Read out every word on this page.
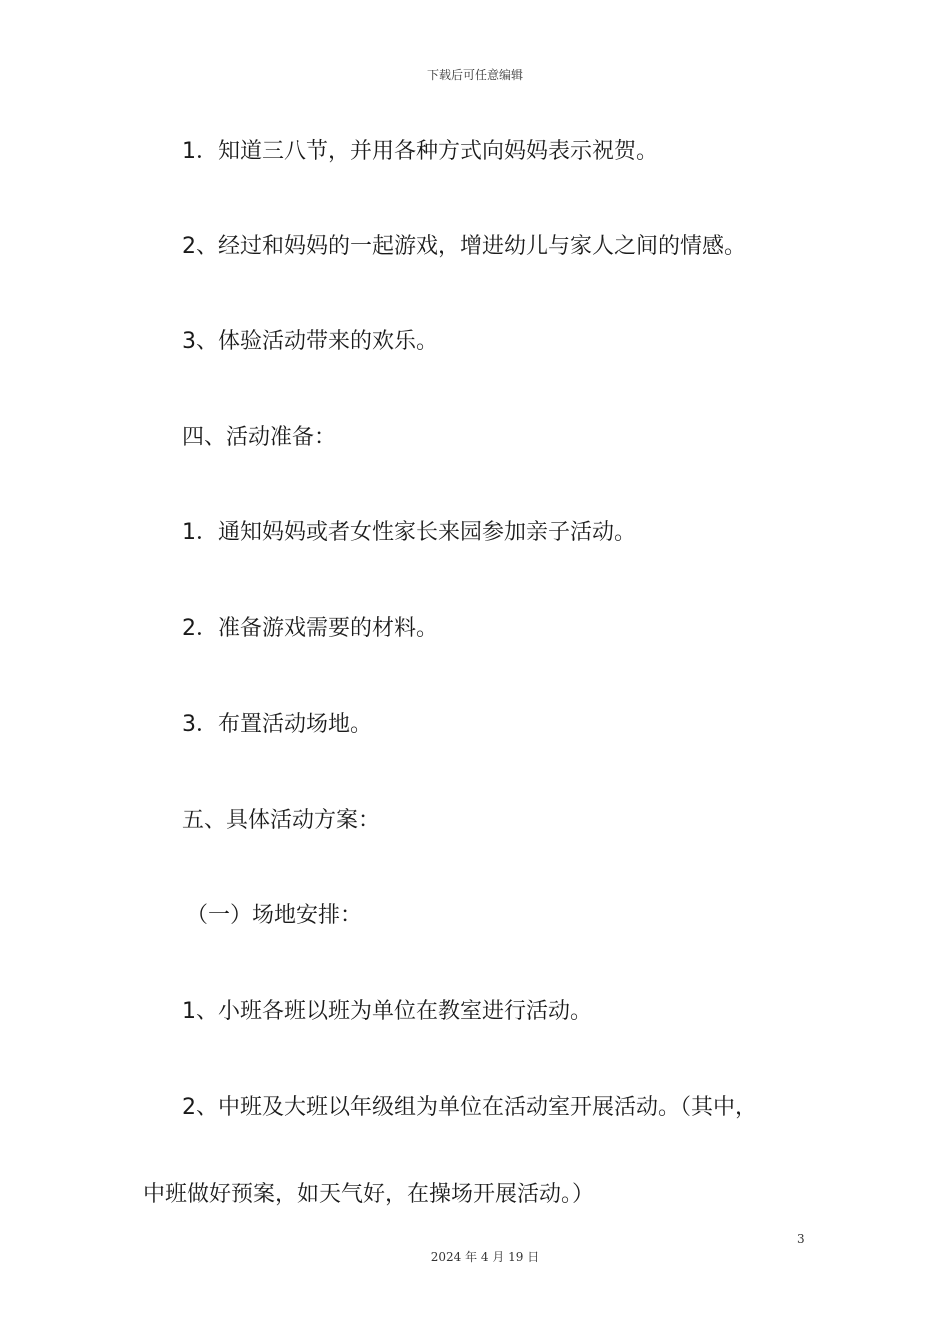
下载后可任意编辑
1．知道三八节，并用各种方式向妈妈表示祝贺。
2、经过和妈妈的一起游戏，增进幼儿与家人之间的情感。
3、体验活动带来的欢乐。
四、活动准备：
1．通知妈妈或者女性家长来园参加亲子活动。
2．准备游戏需要的材料。
3．布置活动场地。
五、具体活动方案：
（一）场地安排：
1、小班各班以班为单位在教室进行活动。
2、中班及大班以年级组为单位在活动室开展活动。（其中，
中班做好预案，如天气好，在操场开展活动。）
3
2024 年 4 月 19 日
